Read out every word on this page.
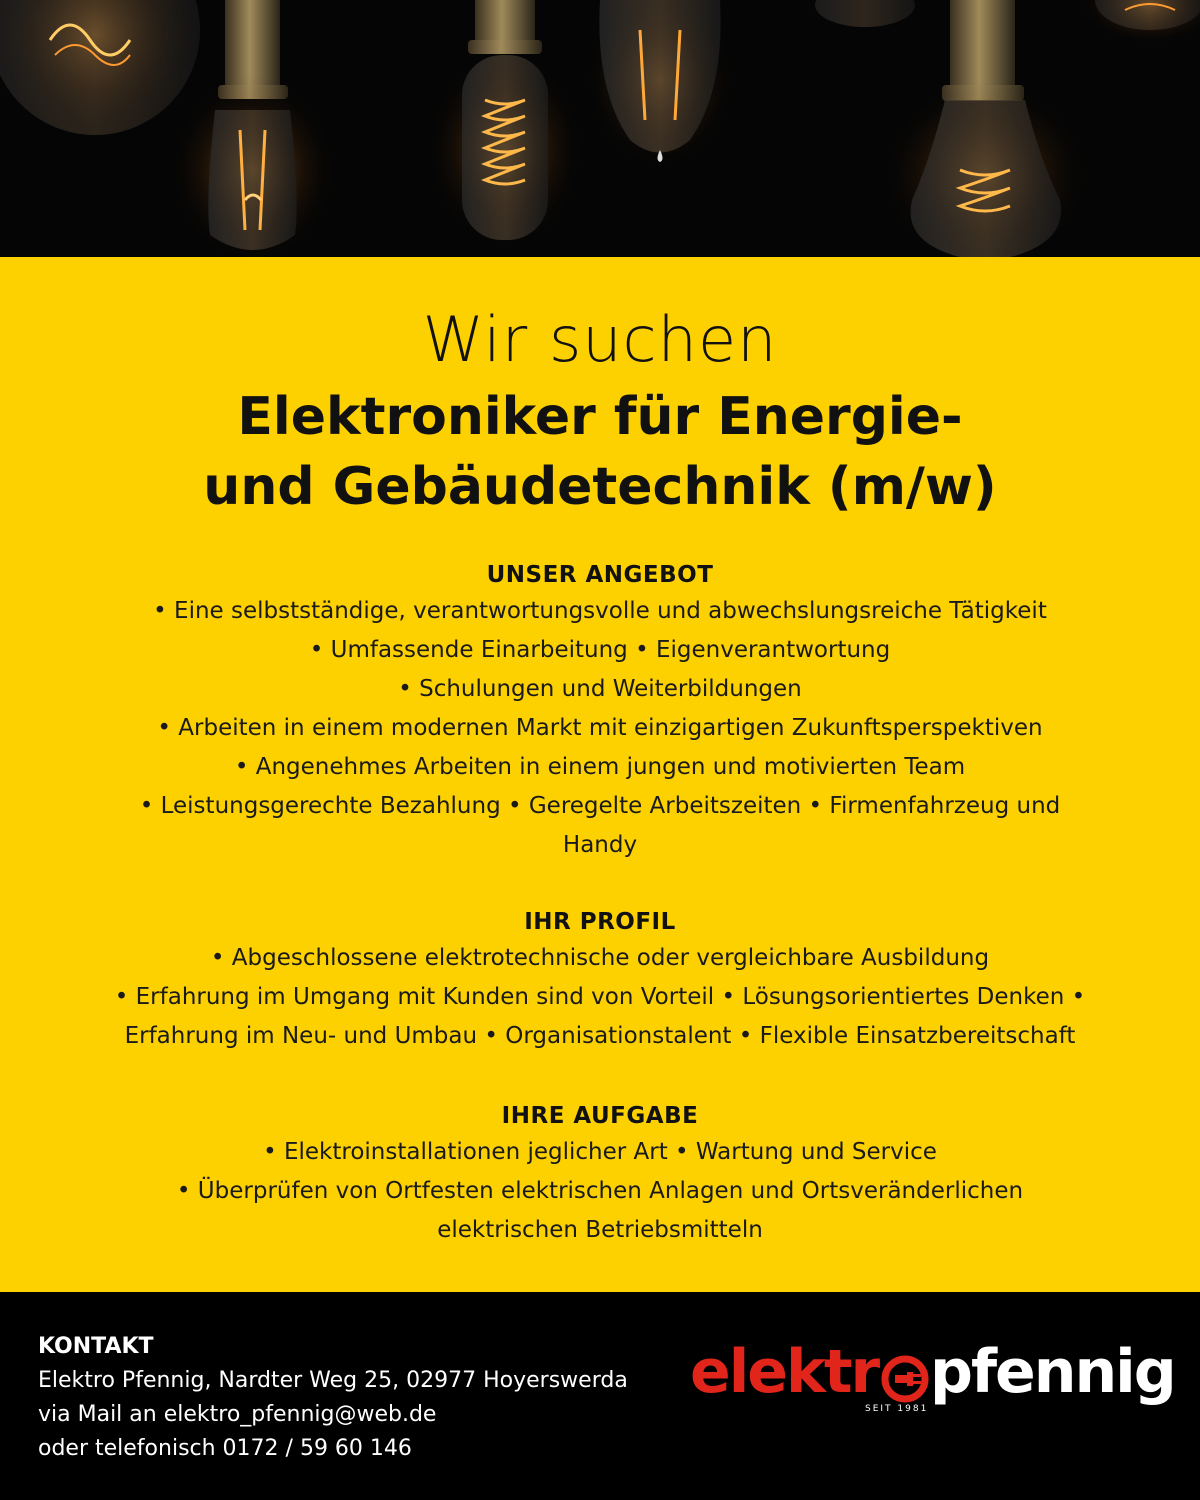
Wir suchen
Elektroniker für Energie-
und Gebäudetechnik (m/w)
UNSER ANGEBOT

• Eine selbstständige, verantwortungsvolle und abwechslungsreiche Tätigkeit

• Umfassende Einarbeitung • Eigenverantwortung

• Schulungen und Weiterbildungen

• Arbeiten in einem modernen Markt mit einzigartigen Zukunftsperspektiven

• Angenehmes Arbeiten in einem jungen und motivierten Team

• Leistungsgerechte Bezahlung • Geregelte Arbeitszeiten • Firmenfahrzeug und

Handy

IHR PROFIL

• Abgeschlossene elektrotechnische oder vergleichbare Ausbildung

• Erfahrung im Umgang mit Kunden sind von Vorteil • Lösungsorientiertes Denken •

Erfahrung im Neu- und Umbau • Organisationstalent • Flexible Einsatzbereitschaft

IHRE AUFGABE

• Elektroinstallationen jeglicher Art • Wartung und Service

• Überprüfen von Ortfesten elektrischen Anlagen und Ortsveränderlichen

elektrischen Betriebsmitteln

KONTAKT
Elektro Pfennig, Nardter Weg 25, 02977 Hoyerswerda
via Mail an elektro_pfennig@web.de
oder telefonisch 0172 / 59 60 146
elektr pfennig
SEIT 1981
